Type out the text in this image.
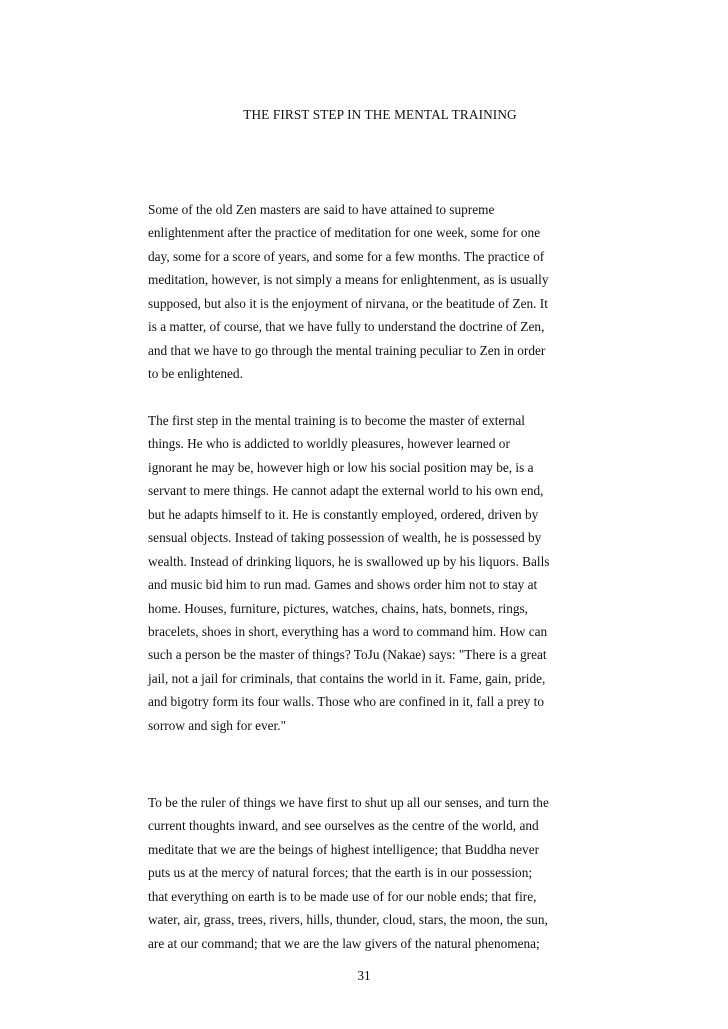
THE FIRST STEP IN THE MENTAL TRAINING
Some of the old Zen masters are said to have attained to supreme
enlightenment after the practice of meditation for one week, some for one
day, some for a score of years, and some for a few months. The practice of
meditation, however, is not simply a means for enlightenment, as is usually
supposed, but also it is the enjoyment of nirvana, or the beatitude of Zen. It
is a matter, of course, that we have fully to understand the doctrine of Zen,
and that we have to go through the mental training peculiar to Zen in order
to be enlightened.
The first step in the mental training is to become the master of external
things. He who is addicted to worldly pleasures, however learned or
ignorant he may be, however high or low his social position may be, is a
servant to mere things. He cannot adapt the external world to his own end,
but he adapts himself to it. He is constantly employed, ordered, driven by
sensual objects. Instead of taking possession of wealth, he is possessed by
wealth. Instead of drinking liquors, he is swallowed up by his liquors. Balls
and music bid him to run mad. Games and shows order him not to stay at
home. Houses, furniture, pictures, watches, chains, hats, bonnets, rings,
bracelets, shoes in short, everything has a word to command him. How can
such a person be the master of things? ToJu (Nakae) says: "There is a great
jail, not a jail for criminals, that contains the world in it. Fame, gain, pride,
and bigotry form its four walls. Those who are confined in it, fall a prey to
sorrow and sigh for ever."
To be the ruler of things we have first to shut up all our senses, and turn the
current thoughts inward, and see ourselves as the centre of the world, and
meditate that we are the beings of highest intelligence; that Buddha never
puts us at the mercy of natural forces; that the earth is in our possession;
that everything on earth is to be made use of for our noble ends; that fire,
water, air, grass, trees, rivers, hills, thunder, cloud, stars, the moon, the sun,
are at our command; that we are the law givers of the natural phenomena;
31
